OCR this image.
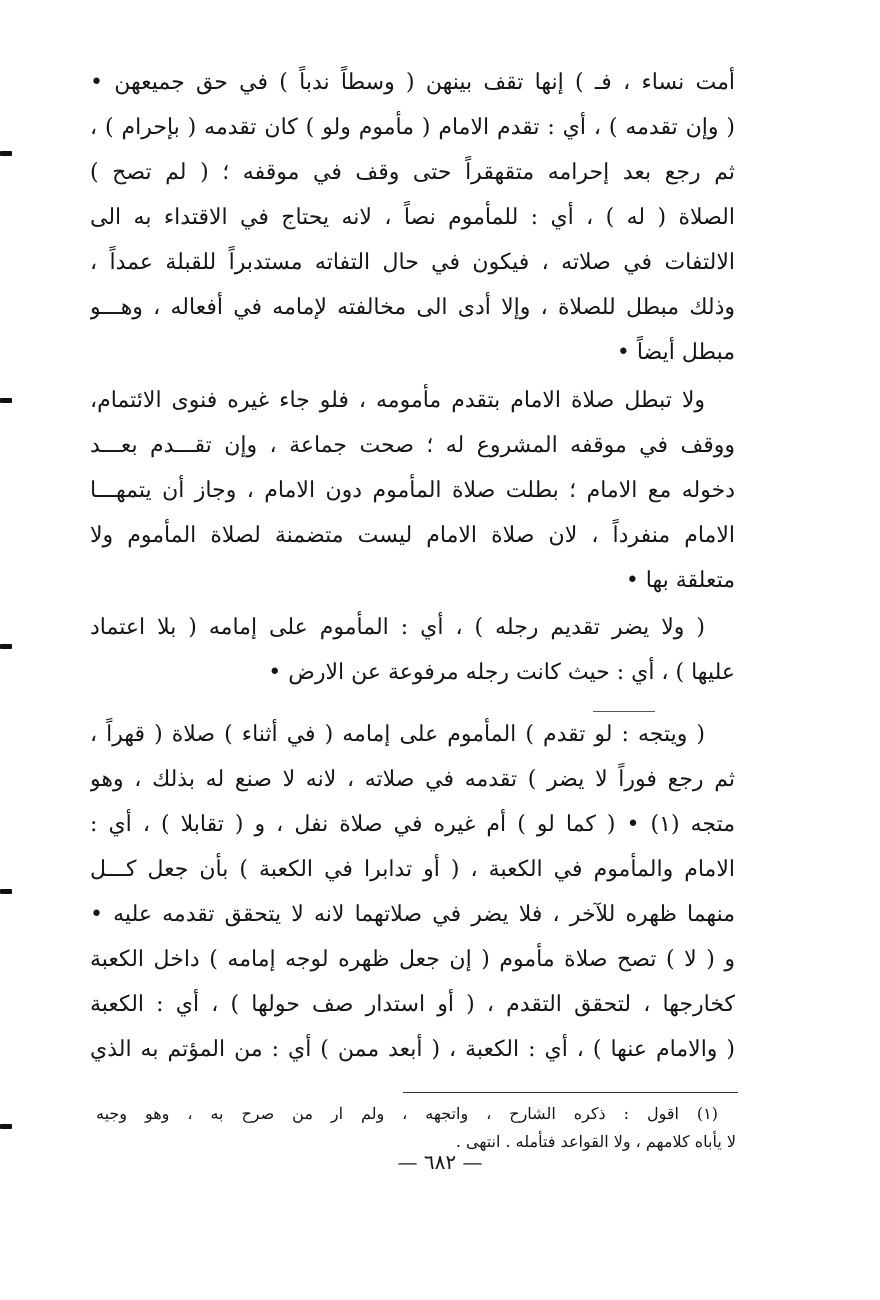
أمت نساء ، فـ ) إنها تقف بينهن ( وسطاً ندباً ) في حق جميعهن •
( وإن تقدمه ) ، أي : تقدم الامام ( مأموم ولو ) كان تقدمه ( بإحرام ) ،
ثم رجع بعد إحرامه متقهقراً حتى وقف في موقفه ؛ ( لم تصح )
الصلاة ( له ) ، أي : للمأموم نصاً ، لانه يحتاج في الاقتداء به الى
الالتفات في صلاته ، فيكون في حال التفاته مستدبراً للقبلة عمداً ،
وذلك مبطل للصلاة ، وإلا أدى الى مخالفته لإمامه في أفعاله ، وهـــو
مبطل أيضاً •
ولا تبطل صلاة الامام بتقدم مأمومه ، فلو جاء غيره فنوى الائتمام،
ووقف في موقفه المشروع له ؛ صحت جماعة ، وإن تقـــدم بعـــد
دخوله مع الامام ؛ بطلت صلاة المأموم دون الامام ، وجاز أن يتمهـــا
الامام منفرداً ، لان صلاة الامام ليست متضمنة لصلاة المأموم ولا
متعلقة بها •
( ولا يضر تقديم رجله ) ، أي : المأموم على إمامه ( بلا اعتماد
عليها ) ، أي : حيث كانت رجله مرفوعة عن الارض •
( ويتجه : لو تقدم ) المأموم على إمامه ( في أثناء ) صلاة ( قهراً ،
ثم رجع فوراً لا يضر ) تقدمه في صلاته ، لانه لا صنع له بذلك ، وهو
متجه (١) • ( كما لو ) أم غيره في صلاة نفل ، و ( تقابلا ) ، أي :
الامام والمأموم في الكعبة ، ( أو تدابرا في الكعبة ) بأن جعل كـــل
منهما ظهره للآخر ، فلا يضر في صلاتهما لانه لا يتحقق تقدمه عليه •
و ( لا ) تصح صلاة مأموم ( إن جعل ظهره لوجه إمامه ) داخل الكعبة
كخارجها ، لتحقق التقدم ، ( أو استدار صف حولها ) ، أي : الكعبة
( والامام عنها ) ، أي : الكعبة ، ( أبعد ممن ) أي : من المؤتم به الذي
(١) اقول : ذكره الشارح ، واتجهه ، ولم ار من صرح به ، وهو وجيه
لا يأباه كلامهم ، ولا القواعد فتأمله . انتهى .
— ٦٨٢ —
